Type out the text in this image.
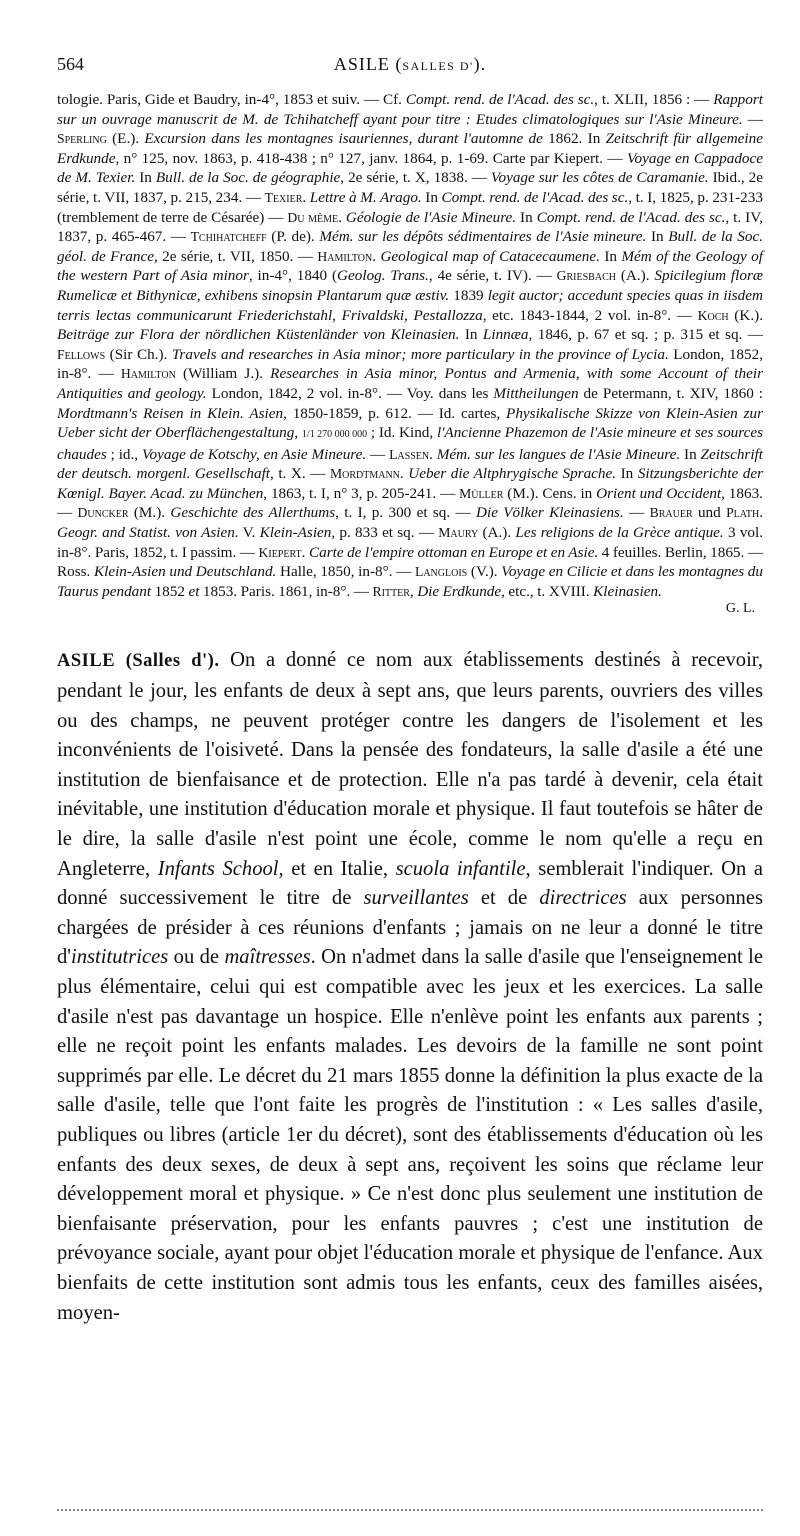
564	ASILE (SALLES D').

tologie. Paris, Gide et Baudry, in-4°, 1853 et suiv. — Cf. Compt. rend. de l'Acad. des sc., t. XLII, 1856 : — Rapport sur un ouvrage manuscrit de M. de Tchihatcheff ayant pour titre : Etudes climatologiques sur l'Asie Mineure. — Sperling (E.). Excursion dans les montagnes isauriennes, durant l'automne de 1862. In Zeitschrift für allgemeine Erdkunde, n° 125, nov. 1863, p. 418-438 ; n° 127, janv. 1864, p. 1-69. Carte par Kiepert. — Voyage en Cappadoce de M. Texier. In Bull. de la Soc. de géographie, 2e série, t. X, 1838. — Voyage sur les côtes de Caramanie. Ibid., 2e série, t. VII, 1837, p. 215, 234. — Texier. Lettre à M. Arago. In Compt. rend. de l'Acad. des sc., t. I, 1825, p. 231-233 (tremblement de terre de Césarée) — Du même. Géologie de l'Asie Mineure. In Compt. rend. de l'Acad. des sc., t. IV, 1837, p. 465-467. — Tchihatcheff (P. de). Mém. sur les dépôts sédimentaires de l'Asie mineure. In Bull. de la Soc. géol. de France, 2e série, t. VII, 1850. — Hamilton. Geological map of Catacecaumene. In Mém of the Geology of the western Part of Asia minor, in-4°, 1840 (Geolog. Trans., 4e série, t. IV). — Griesbach (A.). Spicilegium floræ Rumelicæ et Bithynicæ, exhibens sinopsin Plantarum quæ æstiv. 1839 legit auctor; accedunt species quas in iisdem terris lectas communicarunt Friederichstahl, Frivaldski, Pestallozza, etc. 1843-1844, 2 vol. in-8°. — Koch (K.). Beiträge zur Flora der nördlichen Küstenländer von Kleinasien. In Linnæa, 1846, p. 67 et sq. ; p. 315 et sq. — Fellows (Sir Ch.). Travels and researches in Asia minor; more particulary in the province of Lycia. London, 1852, in-8°. — Hamilton (William J.). Researches in Asia minor, Pontus and Armenia, with some Account of their Antiquities and geology. London, 1842, 2 vol. in-8°. — Voy. dans les Mittheilungen de Petermann, t. XIV, 1860 : Mordtmann's Reisen in Klein. Asien, 1850-1859, p. 612. — Id. cartes, Physikalische Skizze von Klein-Asien zur Ueber sicht der Oberflächengestaltung, 1/1 270 000 000 ; Id. Kind, l'Ancienne Phazemon de l'Asie mineure et ses sources chaudes ; id., Voyage de Kotschy, en Asie Mineure. — Lassen. Mém. sur les langues de l'Asie Mineure. In Zeitschrift der deutsch. morgenl. Gesellschaft, t. X. — Mordtmann. Ueber die Altphrygische Sprache. In Sitzungsberichte der Kœnigl. Bayer. Acad. zu München, 1863, t. I, n° 3, p. 205-241. — Müller (M.). Cens. in Orient und Occident, 1863. — Duncker (M.). Geschichte des Allerthums, t. I, p. 300 et sq. — Die Völker Kleinasiens. — Brauer und Plath. Geogr. and Statist. von Asien. V. Klein-Asien, p. 833 et sq. — Maury (A.). Les religions de la Grèce antique. 3 vol. in-8°. Paris, 1852, t. I passim. — Kiepert. Carte de l'empire ottoman en Europe et en Asie. 4 feuilles. Berlin, 1865. — Ross. Klein-Asien und Deutschland. Halle, 1850, in-8°. — Langlois (V.). Voyage en Cilicie et dans les montagnes du Taurus pendant 1852 et 1853. Paris. 1861, in-8°. — Ritter, Die Erdkunde, etc., t. XVIII. Kleinasien.

G. L.

ASILE (Salles d'). On a donné ce nom aux établissements destinés à recevoir, pendant le jour, les enfants de deux à sept ans, que leurs parents, ouvriers des villes ou des champs, ne peuvent protéger contre les dangers de l'isolement et les inconvénients de l'oisiveté. Dans la pensée des fondateurs, la salle d'asile a été une institution de bienfaisance et de protection. Elle n'a pas tardé à devenir, cela était inévitable, une institution d'éducation morale et physique. Il faut toutefois se hâter de le dire, la salle d'asile n'est point une école, comme le nom qu'elle a reçu en Angleterre, Infants School, et en Italie, scuola infantile, semblerait l'indiquer. On a donné successivement le titre de surveillantes et de directrices aux personnes chargées de présider à ces réunions d'enfants ; jamais on ne leur a donné le titre d'institutrices ou de maîtresses. On n'admet dans la salle d'asile que l'enseignement le plus élémentaire, celui qui est compatible avec les jeux et les exercices. La salle d'asile n'est pas davantage un hospice. Elle n'enlève point les enfants aux parents ; elle ne reçoit point les enfants malades. Les devoirs de la famille ne sont point supprimés par elle. Le décret du 21 mars 1855 donne la définition la plus exacte de la salle d'asile, telle que l'ont faite les progrès de l'institution : « Les salles d'asile, publiques ou libres (article 1er du décret), sont des établissements d'éducation où les enfants des deux sexes, de deux à sept ans, reçoivent les soins que réclame leur développement moral et physique. » Ce n'est donc plus seulement une institution de bienfaisante préservation, pour les enfants pauvres ; c'est une institution de prévoyance sociale, ayant pour objet l'éducation morale et physique de l'enfance. Aux bienfaits de cette institution sont admis tous les enfants, ceux des familles aisées, moyen-
